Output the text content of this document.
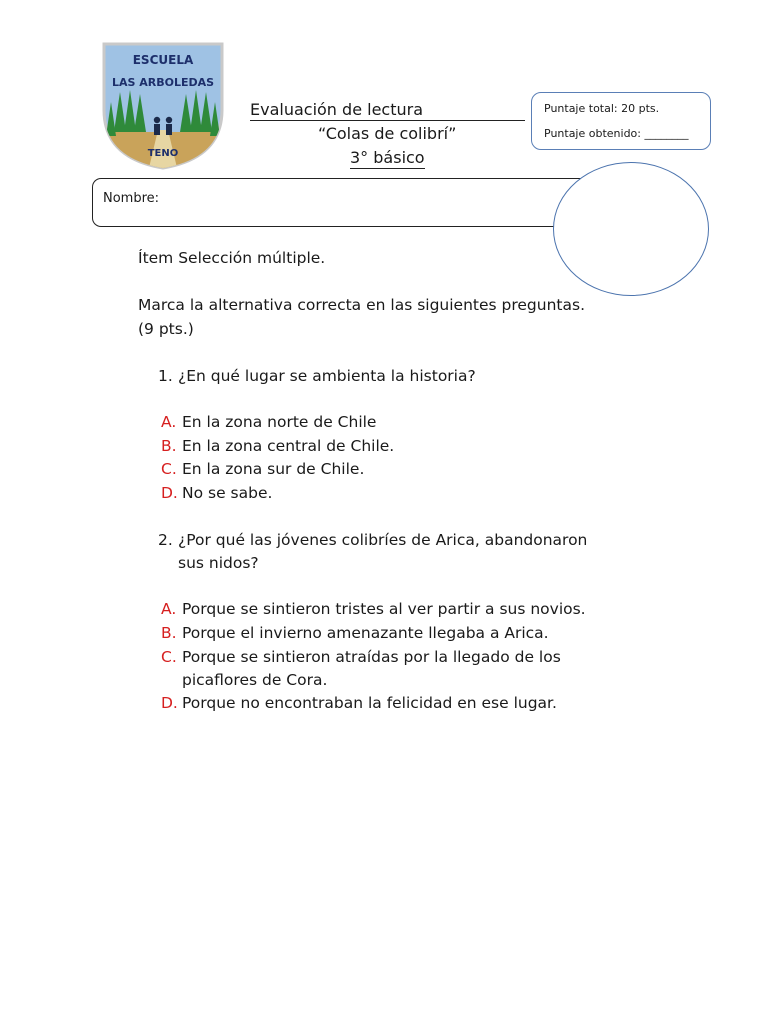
ESCUELA
LAS ARBOLEDAS
TENO
Evaluación de lectura
“Colas de colibrí”
3° básico
Puntaje total: 20 pts.
Puntaje obtenido: ________
Nombre:
Ítem Selección múltiple.
Marca la alternativa correcta en las siguientes preguntas.
(9 pts.)
1. ¿En qué lugar se ambienta la historia?
A. En la zona norte de Chile
B. En la zona central de Chile.
C. En la zona sur de Chile.
D. No se sabe.
2. ¿Por qué las jóvenes colibríes de Arica, abandonaron
sus nidos?
A. Porque se sintieron tristes al ver partir a sus novios.
B. Porque el invierno amenazante llegaba a Arica.
C. Porque se sintieron atraídas por la llegado de los
picaflores de Cora.
D. Porque no encontraban la felicidad en ese lugar.
